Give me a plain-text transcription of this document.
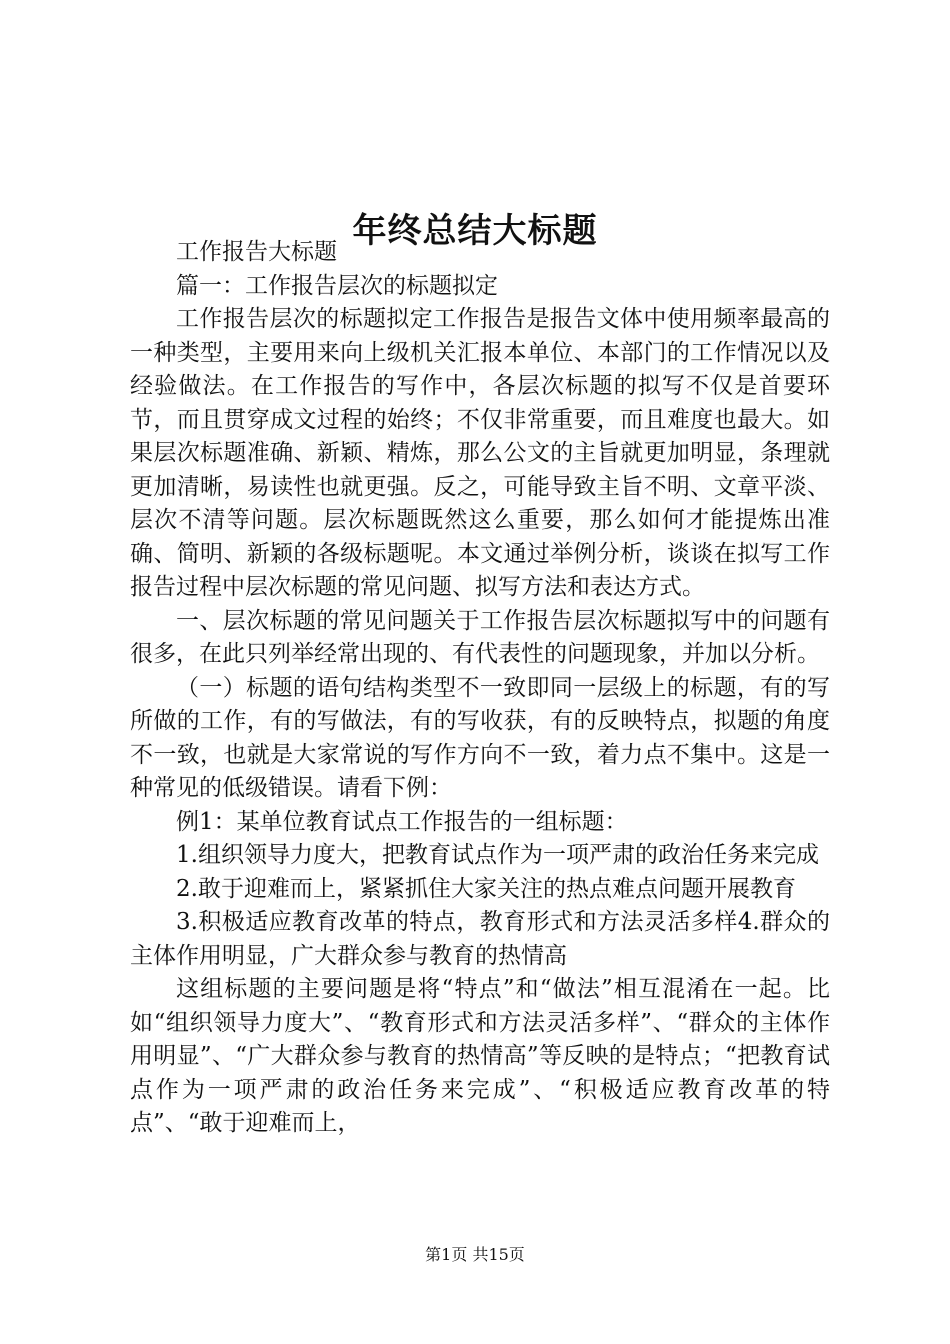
年终总结大标题

工作报告大标题

篇一：工作报告层次的标题拟定

工作报告层次的标题拟定工作报告是报告文体中使用频率最高的一种类型，主要用来向上级机关汇报本单位、本部门的工作情况以及经验做法。在工作报告的写作中，各层次标题的拟写不仅是首要环节，而且贯穿成文过程的始终；不仅非常重要，而且难度也最大。如果层次标题准确、新颖、精炼，那么公文的主旨就更加明显，条理就更加清晰，易读性也就更强。反之，可能导致主旨不明、文章平淡、层次不清等问题。层次标题既然这么重要，那么如何才能提炼出准确、简明、新颖的各级标题呢。本文通过举例分析，谈谈在拟写工作报告过程中层次标题的常见问题、拟写方法和表达方式。

一、层次标题的常见问题关于工作报告层次标题拟写中的问题有很多，在此只列举经常出现的、有代表性的问题现象，并加以分析。

（一）标题的语句结构类型不一致即同一层级上的标题，有的写所做的工作，有的写做法，有的写收获，有的反映特点，拟题的角度不一致，也就是大家常说的写作方向不一致，着力点不集中。这是一种常见的低级错误。请看下例：

例1：某单位教育试点工作报告的一组标题：

1.组织领导力度大，把教育试点作为一项严肃的政治任务来完成

2.敢于迎难而上，紧紧抓住大家关注的热点难点问题开展教育

3.积极适应教育改革的特点，教育形式和方法灵活多样4.群众的主体作用明显，广大群众参与教育的热情高

这组标题的主要问题是将“特点”和“做法”相互混淆在一起。比如“组织领导力度大”、“教育形式和方法灵活多样”、“群众的主体作用明显”、“广大群众参与教育的热情高”等反映的是特点；“把教育试点作为一项严肃的政治任务来完成”、“积极适应教育改革的特点”、“敢于迎难而上，

第1页 共15页
